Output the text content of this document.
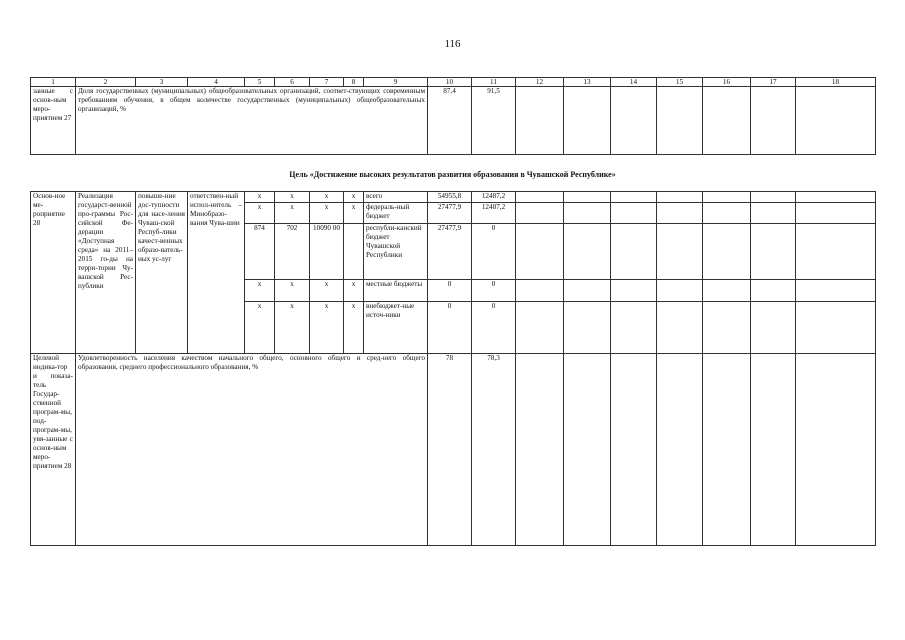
116
1	2	3	4	5	6	7	8	9	10	11	12	13	14	15	16	17	18
занные с основ-ным меро-приятием 27	Доля государственных (муниципальных) общеобразовательных организаций, соответ-ствующих современным требованиям обучения, в общем количестве государственных (муниципальных) общеобразовательных организаций, %								87,4	91,5							
Цель «Достижение высоких результатов развития образования в Чувашской Республике»
Основ-ное ме-роприятие 28	Реализация государст-венной про-граммы Рос-сийской Фе-дерации «Доступная среда» на 2011–2015 го-ды на терри-тории Чу-вашской Рес-публики	повыше-ние дос-тупности для насе-ления Чуваш-ской Респуб-лики качест-венных образо-ватель-ных ус-луг	ответствен-ный испол-нитель – Минобразо-вания Чува-шии	x	x	x	x	всего	54955,8	12487,2							
				x	x	x	x	федераль-ный бюджет	27477,9	12487,2							
				874	702	10090 00		республи-канский бюджет Чувашской Республики	27477,9	0							
				x	x	x	x	местные бюджеты	0	0							
				x	x	x	x	внебюджет-ные источ-ники	0	0							
Целевой индика-тор и показа-тель Государ-ственной програм-мы, под-програм-мы, увя-занные с основ-ным меро-приятием 28	Удовлетворенность населения качеством начального общего, основного общего и сред-него общего образования, среднего профессионального образования, %								78	78,3							
